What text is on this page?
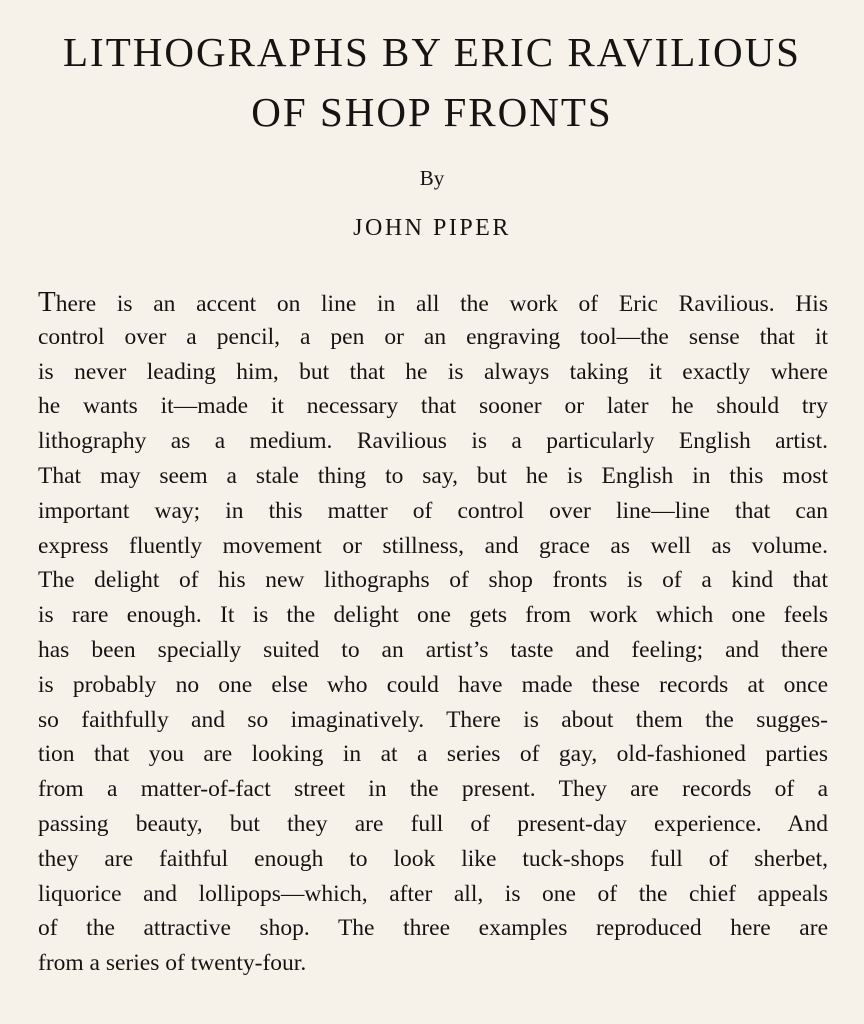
LITHOGRAPHS BY ERIC RAVILIOUS
OF SHOP FRONTS
By
JOHN PIPER
There is an accent on line in all the work of Eric Ravilious. His
control over a pencil, a pen or an engraving tool—the sense that it
is never leading him, but that he is always taking it exactly where
he wants it—made it necessary that sooner or later he should try
lithography as a medium. Ravilious is a particularly English artist.
That may seem a stale thing to say, but he is English in this most
important way; in this matter of control over line—line that can
express fluently movement or stillness, and grace as well as volume.
The delight of his new lithographs of shop fronts is of a kind that
is rare enough. It is the delight one gets from work which one feels
has been specially suited to an artist’s taste and feeling; and there
is probably no one else who could have made these records at once
so faithfully and so imaginatively. There is about them the sugges-
tion that you are looking in at a series of gay, old-fashioned parties
from a matter-of-fact street in the present. They are records of a
passing beauty, but they are full of present-day experience. And
they are faithful enough to look like tuck-shops full of sherbet,
liquorice and lollipops—which, after all, is one of the chief appeals
of the attractive shop. The three examples reproduced here are
from a series of twenty-four.
